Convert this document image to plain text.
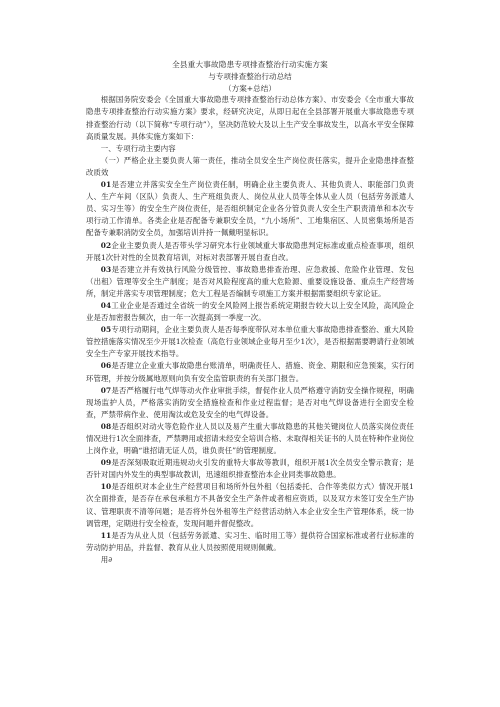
全县重大事故隐患专项排查整治行动实施方案
与专项排查整治行动总结
（方案+总结）

根据国务院安委会《全国重大事故隐患专项排查整治行动总体方案》、市安委会《全市重大事故隐患专项排查整治行动实施方案》要求，经研究决定，从即日起在全县部署开展重大事故隐患专项排查整治行动（以下简称“专项行动”），坚决防范较大及以上生产安全事故发生，以高水平安全保障高质量发展。具体实施方案如下：

一、专项行动主要内容

（一）严格企业主要负责人第一责任，推动全员安全生产岗位责任落实，提升企业隐患排查整改质效

01是否建立并落实安全生产岗位责任制，明确企业主要负责人、其他负责人、职能部门负责人、生产车间（区队）负责人、生产班组负责人、岗位从业人员等全体从业人员（包括劳务派遣人员、实习生等）的安全生产岗位责任，是否组织制定企业各分管负责人安全生产职责清单和本次专项行动工作清单。各类企业是否配备专兼职安全员，“九小场所”、工地集宿区、人员密集场所是否配备专兼职消防安全员，加强培训并持一佩戴明显标识。

02企业主要负责人是否带头学习研究本行业领域重大事故隐患判定标准或重点检查事项，组织开展1次针对性的全员教育培训，对标对表部署开展自查自改。

03是否建立并有效执行风险分级管控、事故隐患排查治理、应急救援、危险作业管理、发包（出租）管理等安全生产制度；是否对风险程度高的重大危险源、重要设施设备、重点生产经营场所，制定并落实专项管理制度；危大工程是否编制专项施工方案并根据需要组织专家论证。

04工业企业是否通过全省统一的安全风险网上报告系统定期报告较大以上安全风险，高风险企业是否加密报告频次，由一年一次提高到一季度一次。

05专项行动期间，企业主要负责人是否每季度带队对本单位重大事故隐患排查整治、重大风险管控措施落实情况至少开展1次检查（高危行业领域企业每月至少1次），是否根据需要聘请行业领域安全生产专家开展技术指导。

06是否建立企业重大事故隐患台账清单，明确责任人、措施、资金、期限和应急预案，实行闭环管理，并按分级属地原则向负有安全监管职责的有关部门报告。

07是否严格履行电气焊等动火作业审批手续，督促作业人员严格遵守消防安全操作规程，明确现场监护人员，严格落实消防安全措施检查和作业过程监督；是否对电气焊设备进行全面安全检查，严禁带病作业、使用淘汰或危及安全的电气焊设备。

08是否组织对动火等危险作业人员以及易产生重大事故隐患的其他关键岗位人员落实岗位责任情况进行1次全面排查，严禁聘用或招请未经安全培训合格、未取得相关证书的人员在特种作业岗位上岗作业，明确“谁招请无证人员，谁负责任”的管理制度。

09是否深刻吸取近期违规动火引发的重特大事故等教训，组织开展1次全员安全警示教育；是否针对国内外发生的典型事故教训，迅速组织排查整治本企业同类事故隐患。

10是否组织对本企业生产经营项目和场所外包外租（包括委托、合作等类似方式）情况开展1次全面排查，是否存在承包承租方不具备安全生产条件或者相应资质，以及双方未签订安全生产协议、管理职责不清等问题；是否将外包外租等生产经营活动纳入本企业安全生产管理体系，统一协调管理，定期进行安全检查，发现问题并督促整改。

11是否为从业人员（包括劳务派遣、实习生、临时用工等）提供符合国家标准或者行业标准的劳动防护用品，并监督、教育从业人员按照使用规则佩戴。

用∂
